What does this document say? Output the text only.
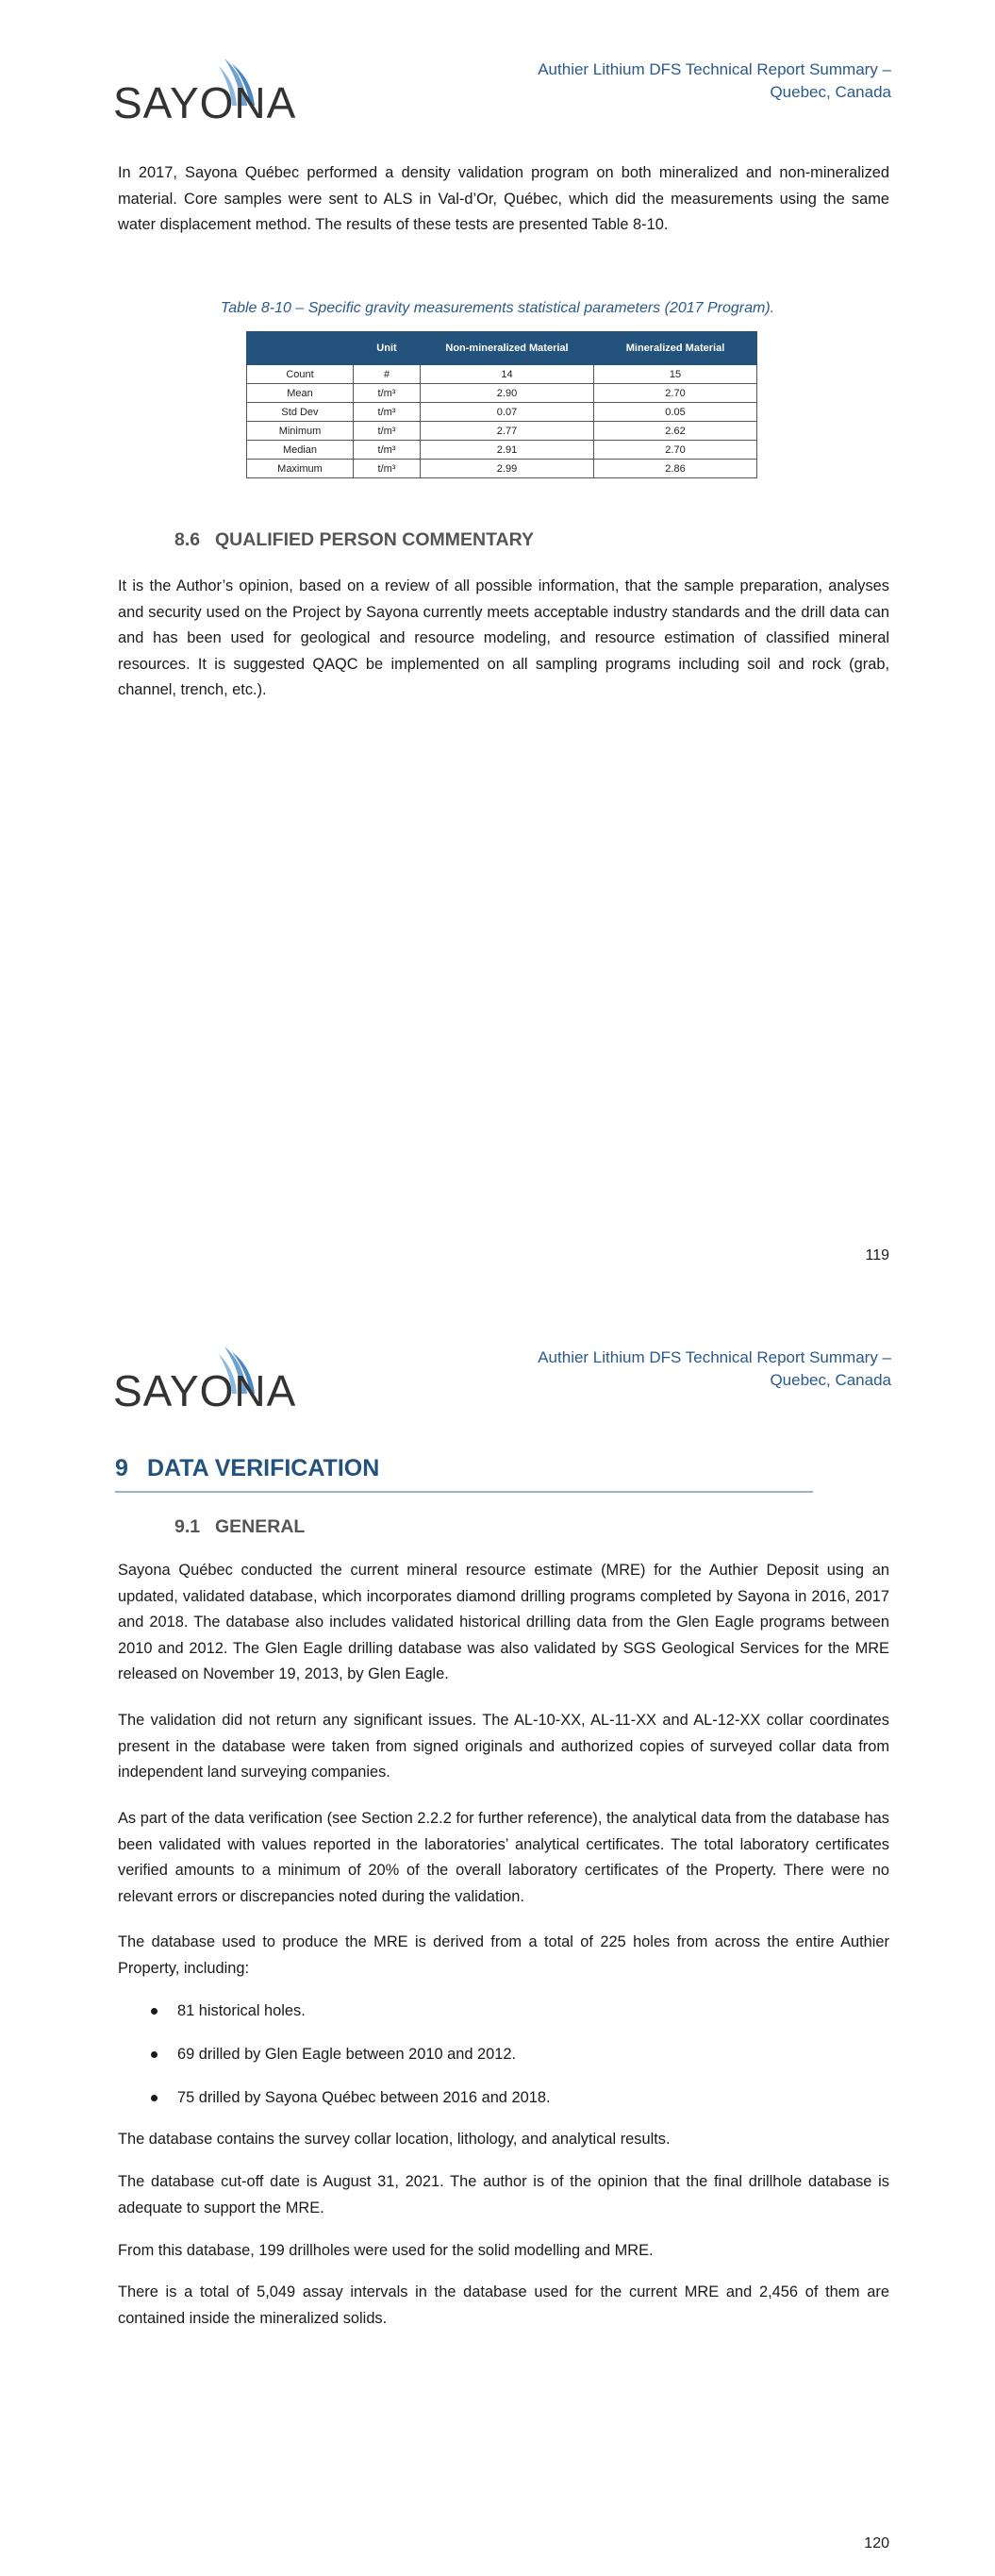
SAYONA
Authier Lithium DFS Technical Report Summary –
Quebec, Canada

In 2017, Sayona Québec performed a density validation program on both mineralized and non-mineralized material. Core samples were sent to ALS in Val-d’Or, Québec, which did the measurements using the same water displacement method. The results of these tests are presented Table 8-10.

Table 8-10 – Specific gravity measurements statistical parameters (2017 Program).
	Unit	Non-mineralized Material	Mineralized Material
Count	#	14	15
Mean	t/m³	2.90	2.70
Std Dev	t/m³	0.07	0.05
Minimum	t/m³	2.77	2.62
Median	t/m³	2.91	2.70
Maximum	t/m³	2.99	2.86
8.6 QUALIFIED PERSON COMMENTARY

It is the Author’s opinion, based on a review of all possible information, that the sample preparation, analyses and security used on the Project by Sayona currently meets acceptable industry standards and the drill data can and has been used for geological and resource modeling, and resource estimation of classified mineral resources. It is suggested QAQC be implemented on all sampling programs including soil and rock (grab, channel, trench, etc.).

119
SAYONA
Authier Lithium DFS Technical Report Summary –
Quebec, Canada
9 DATA VERIFICATION
9.1 GENERAL

Sayona Québec conducted the current mineral resource estimate (MRE) for the Authier Deposit using an updated, validated database, which incorporates diamond drilling programs completed by Sayona in 2016, 2017 and 2018. The database also includes validated historical drilling data from the Glen Eagle programs between 2010 and 2012. The Glen Eagle drilling database was also validated by SGS Geological Services for the MRE released on November 19, 2013, by Glen Eagle.

The validation did not return any significant issues. The AL-10-XX, AL-11-XX and AL-12-XX collar coordinates present in the database were taken from signed originals and authorized copies of surveyed collar data from independent land surveying companies.

As part of the data verification (see Section 2.2.2 for further reference), the analytical data from the database has been validated with values reported in the laboratories’ analytical certificates. The total laboratory certificates verified amounts to a minimum of 20% of the overall laboratory certificates of the Property. There were no relevant errors or discrepancies noted during the validation.

The database used to produce the MRE is derived from a total of 225 holes from across the entire Authier Property, including:

81 historical holes.
69 drilled by Glen Eagle between 2010 and 2012.
75 drilled by Sayona Québec between 2016 and 2018.

The database contains the survey collar location, lithology, and analytical results.

The database cut-off date is August 31, 2021. The author is of the opinion that the final drillhole database is adequate to support the MRE.

From this database, 199 drillholes were used for the solid modelling and MRE.

There is a total of 5,049 assay intervals in the database used for the current MRE and 2,456 of them are contained inside the mineralized solids.

120
